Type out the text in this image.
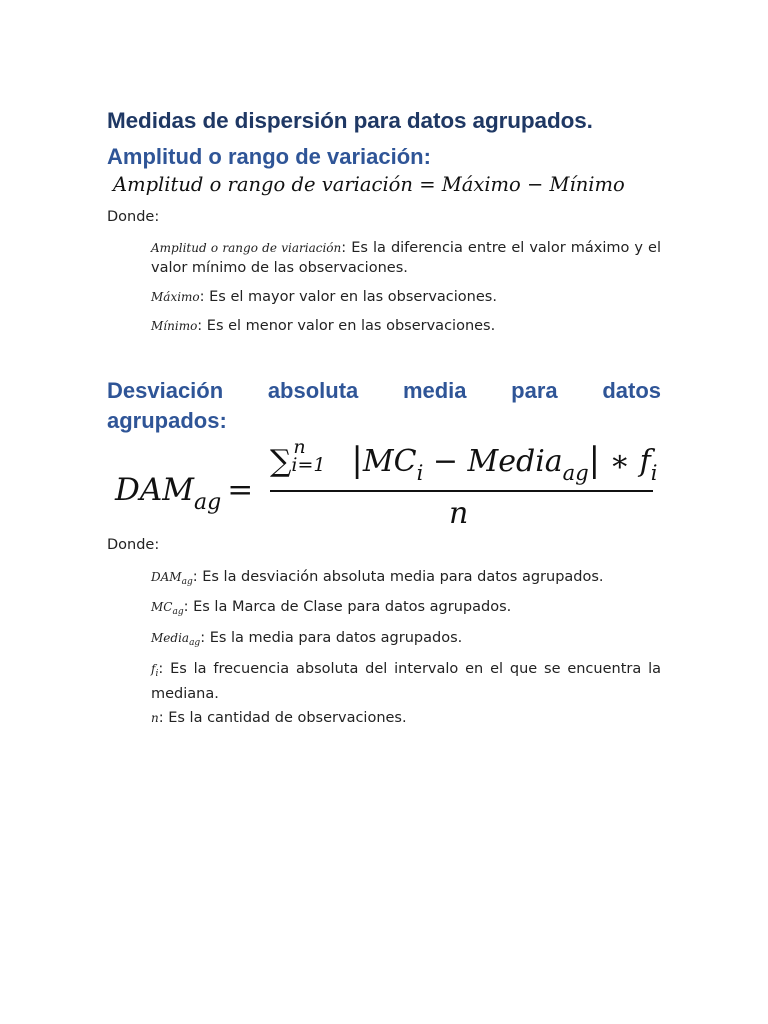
Medidas de dispersión para datos agrupados.
Amplitud o rango de variación:
Amplitud o rango de variación = Máximo − Mínimo

Donde:

Amplitud o rango de viariación: Es la diferencia entre el valor máximo y el valor mínimo de las observaciones.
Máximo: Es el mayor valor en las observaciones.
Mínimo: Es el menor valor en las observaciones.
Desviación absoluta media para datos
agrupados:
$DAM_{ag}$ =
∑ n
i=1 $|MC_i$ − Media$_{ag}$| ∗ $f_i$
n

Donde:

$DAM_{ag}$: Es la desviación absoluta media para datos agrupados.
$MC_{ag}$: Es la Marca de Clase para datos agrupados.
Media$_{ag}$: Es la media para datos agrupados.
$f_i$: Es la frecuencia absoluta del intervalo en el que se encuentra la mediana.
n: Es la cantidad de observaciones.
